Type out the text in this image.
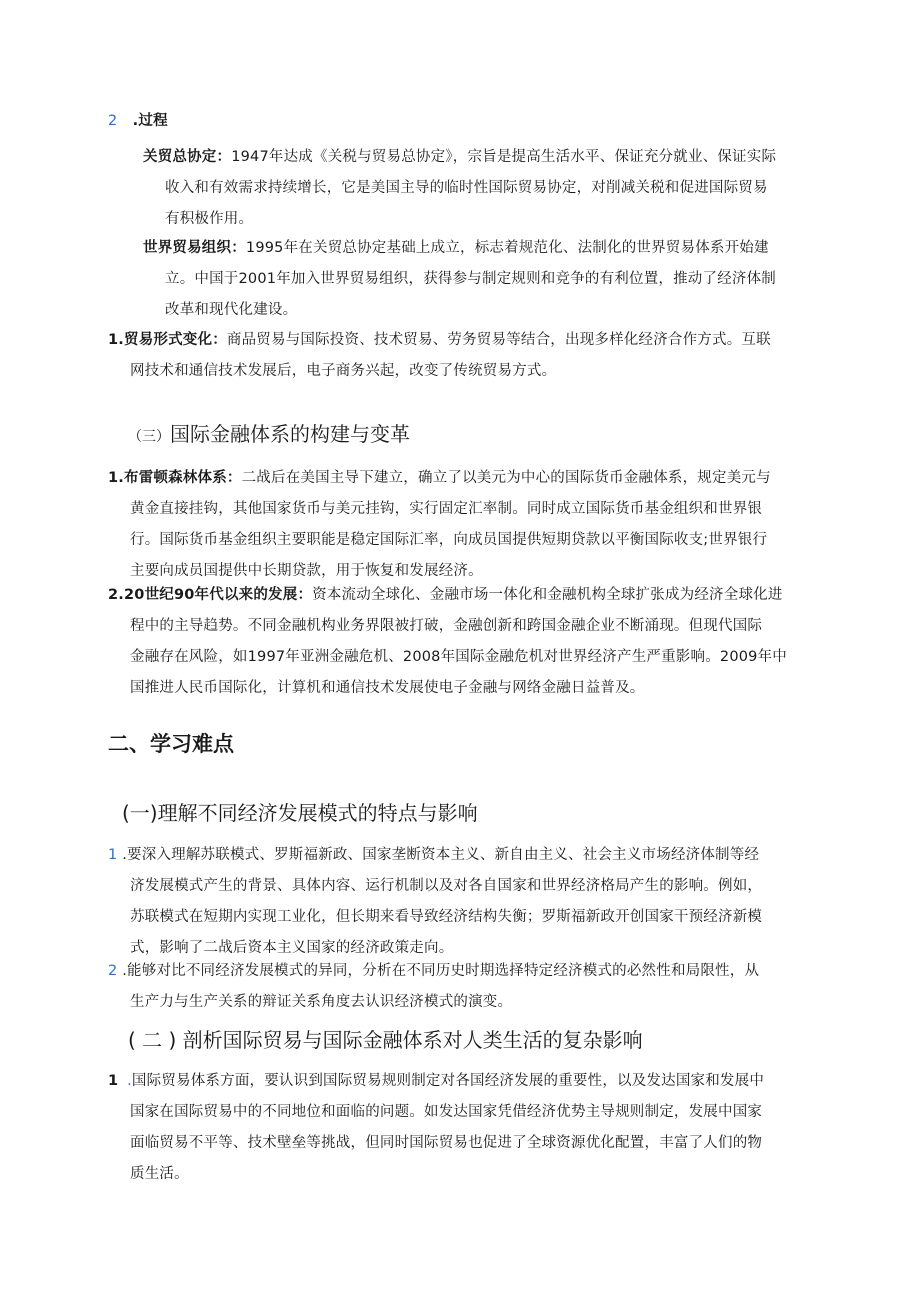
2 .过程
关贸总协定：1947年达成《关税与贸易总协定》，宗旨是提高生活水平、保证充分就业、保证实际
收入和有效需求持续增长，它是美国主导的临时性国际贸易协定，对削减关税和促进国际贸易
有积极作用。
世界贸易组织：1995年在关贸总协定基础上成立，标志着规范化、法制化的世界贸易体系开始建
立。中国于2001年加入世界贸易组织，获得参与制定规则和竞争的有利位置，推动了经济体制
改革和现代化建设。
1.贸易形式变化：商品贸易与国际投资、技术贸易、劳务贸易等结合，出现多样化经济合作方式。互联
网技术和通信技术发展后，电子商务兴起，改变了传统贸易方式。
（三）国际金融体系的构建与变革
1.布雷顿森林体系：二战后在美国主导下建立，确立了以美元为中心的国际货币金融体系，规定美元与
黄金直接挂钩，其他国家货币与美元挂钩，实行固定汇率制。同时成立国际货币基金组织和世界银
行。国际货币基金组织主要职能是稳定国际汇率，向成员国提供短期贷款以平衡国际收支;世界银行
主要向成员国提供中长期贷款，用于恢复和发展经济。
2.20世纪90年代以来的发展：资本流动全球化、金融市场一体化和金融机构全球扩张成为经济全球化进
程中的主导趋势。不同金融机构业务界限被打破，金融创新和跨国金融企业不断涌现。但现代国际
金融存在风险，如1997年亚洲金融危机、2008年国际金融危机对世界经济产生严重影响。2009年中
国推进人民币国际化，计算机和通信技术发展使电子金融与网络金融日益普及。
二、学习难点
(一)理解不同经济发展模式的特点与影响
1 .要深入理解苏联模式、罗斯福新政、国家垄断资本主义、新自由主义、社会主义市场经济体制等经
济发展模式产生的背景、具体内容、运行机制以及对各自国家和世界经济格局产生的影响。例如，
苏联模式在短期内实现工业化，但长期来看导致经济结构失衡；罗斯福新政开创国家干预经济新模
式，影响了二战后资本主义国家的经济政策走向。
2 .能够对比不同经济发展模式的异同，分析在不同历史时期选择特定经济模式的必然性和局限性，从
生产力与生产关系的辩证关系角度去认识经济模式的演变。
( 二 ) 剖析国际贸易与国际金融体系对人类生活的复杂影响
1 .国际贸易体系方面，要认识到国际贸易规则制定对各国经济发展的重要性，以及发达国家和发展中
国家在国际贸易中的不同地位和面临的问题。如发达国家凭借经济优势主导规则制定，发展中国家
面临贸易不平等、技术壁垒等挑战，但同时国际贸易也促进了全球资源优化配置，丰富了人们的物
质生活。
